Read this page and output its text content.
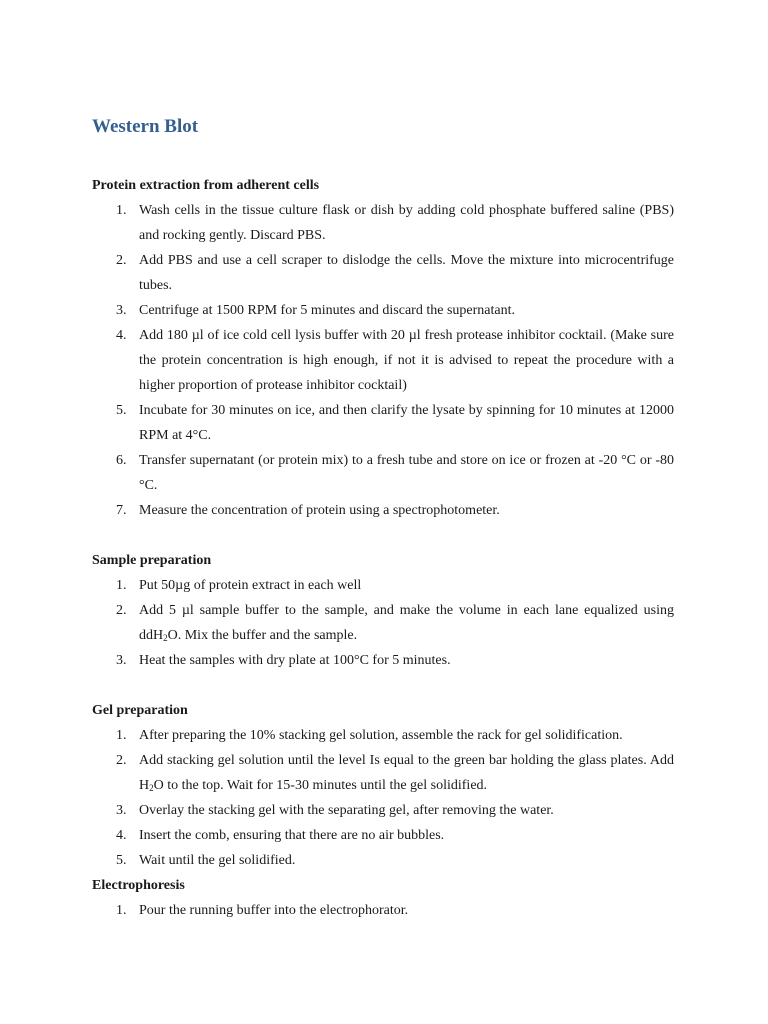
Western Blot

Protein extraction from adherent cells

1. Wash cells in the tissue culture flask or dish by adding cold phosphate buffered saline (PBS) and rocking gently. Discard PBS.
2. Add PBS and use a cell scraper to dislodge the cells. Move the mixture into microcentrifuge tubes.
3. Centrifuge at 1500 RPM for 5 minutes and discard the supernatant.
4. Add 180 µl of ice cold cell lysis buffer with 20 µl fresh protease inhibitor cocktail. (Make sure the protein concentration is high enough, if not it is advised to repeat the procedure with a higher proportion of protease inhibitor cocktail)
5. Incubate for 30 minutes on ice, and then clarify the lysate by spinning for 10 minutes at 12000 RPM at 4°C.
6. Transfer supernatant (or protein mix) to a fresh tube and store on ice or frozen at -20 °C or -80 °C.
7. Measure the concentration of protein using a spectrophotometer.

Sample preparation

1. Put 50µg of protein extract in each well
2. Add 5 µl sample buffer to the sample, and make the volume in each lane equalized using ddH$_2$O. Mix the buffer and the sample.
3. Heat the samples with dry plate at 100°C for 5 minutes.

Gel preparation

1. After preparing the 10% stacking gel solution, assemble the rack for gel solidification.
2. Add stacking gel solution until the level Is equal to the green bar holding the glass plates. Add $H_2O$ to the top. Wait for 15-30 minutes until the gel solidified.
3. Overlay the stacking gel with the separating gel, after removing the water.
4. Insert the comb, ensuring that there are no air bubbles.
5. Wait until the gel solidified.

Electrophoresis

1. Pour the running buffer into the electrophorator.
